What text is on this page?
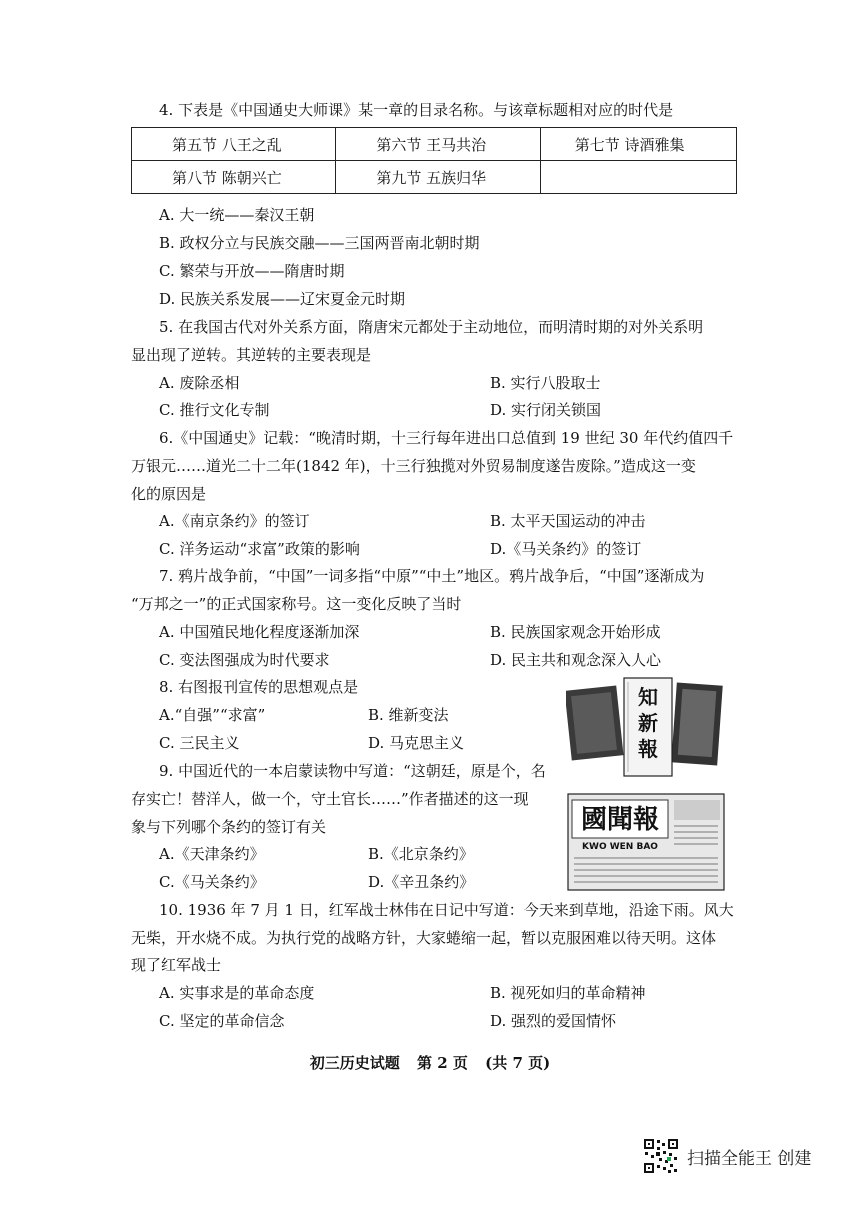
4. 下表是《中国通史大师课》某一章的目录名称。与该章标题相对应的时代是
第五节 八王之乱	第六节 王马共治	第七节 诗酒雅集
第八节 陈朝兴亡	第九节 五族归华	
A. 大一统——秦汉王朝
B. 政权分立与民族交融——三国两晋南北朝时期
C. 繁荣与开放——隋唐时期
D. 民族关系发展——辽宋夏金元时期
5. 在我国古代对外关系方面，隋唐宋元都处于主动地位，而明清时期的对外关系明
显出现了逆转。其逆转的主要表现是
A. 废除丞相	B. 实行八股取士
C. 推行文化专制	D. 实行闭关锁国
6.《中国通史》记载：“晚清时期，十三行每年进出口总值到 19 世纪 30 年代约值四千
万银元……道光二十二年(1842 年)，十三行独揽对外贸易制度遂告废除。”造成这一变
化的原因是
A.《南京条约》的签订	B. 太平天国运动的冲击
C. 洋务运动“求富”政策的影响	D.《马关条约》的签订
7. 鸦片战争前，“中国”一词多指“中原”“中土”地区。鸦片战争后，“中国”逐渐成为
“万邦之一”的正式国家称号。这一变化反映了当时
A. 中国殖民地化程度逐渐加深	B. 民族国家观念开始形成
C. 变法图强成为时代要求	D. 民主共和观念深入人心
8. 右图报刊宣传的思想观点是
A.“自强”“求富”	B. 维新变法
C. 三民主义	D. 马克思主义
知新報
國聞報
KWO WEN BAO
9. 中国近代的一本启蒙读物中写道：“这朝廷，原是个，名
存实亡！替洋人，做一个，守土官长……”作者描述的这一现
象与下列哪个条约的签订有关
A.《天津条约》	B.《北京条约》
C.《马关条约》	D.《辛丑条约》
10. 1936 年 7 月 1 日，红军战士林伟在日记中写道：今天来到草地，沿途下雨。风大
无柴，开水烧不成。为执行党的战略方针，大家蜷缩一起，暂以克服困难以待天明。这体
现了红军战士
A. 实事求是的革命态度	B. 视死如归的革命精神
C. 坚定的革命信念	D. 强烈的爱国情怀
初三历史试题 第 2 页 (共 7 页)
扫描全能王 创建
